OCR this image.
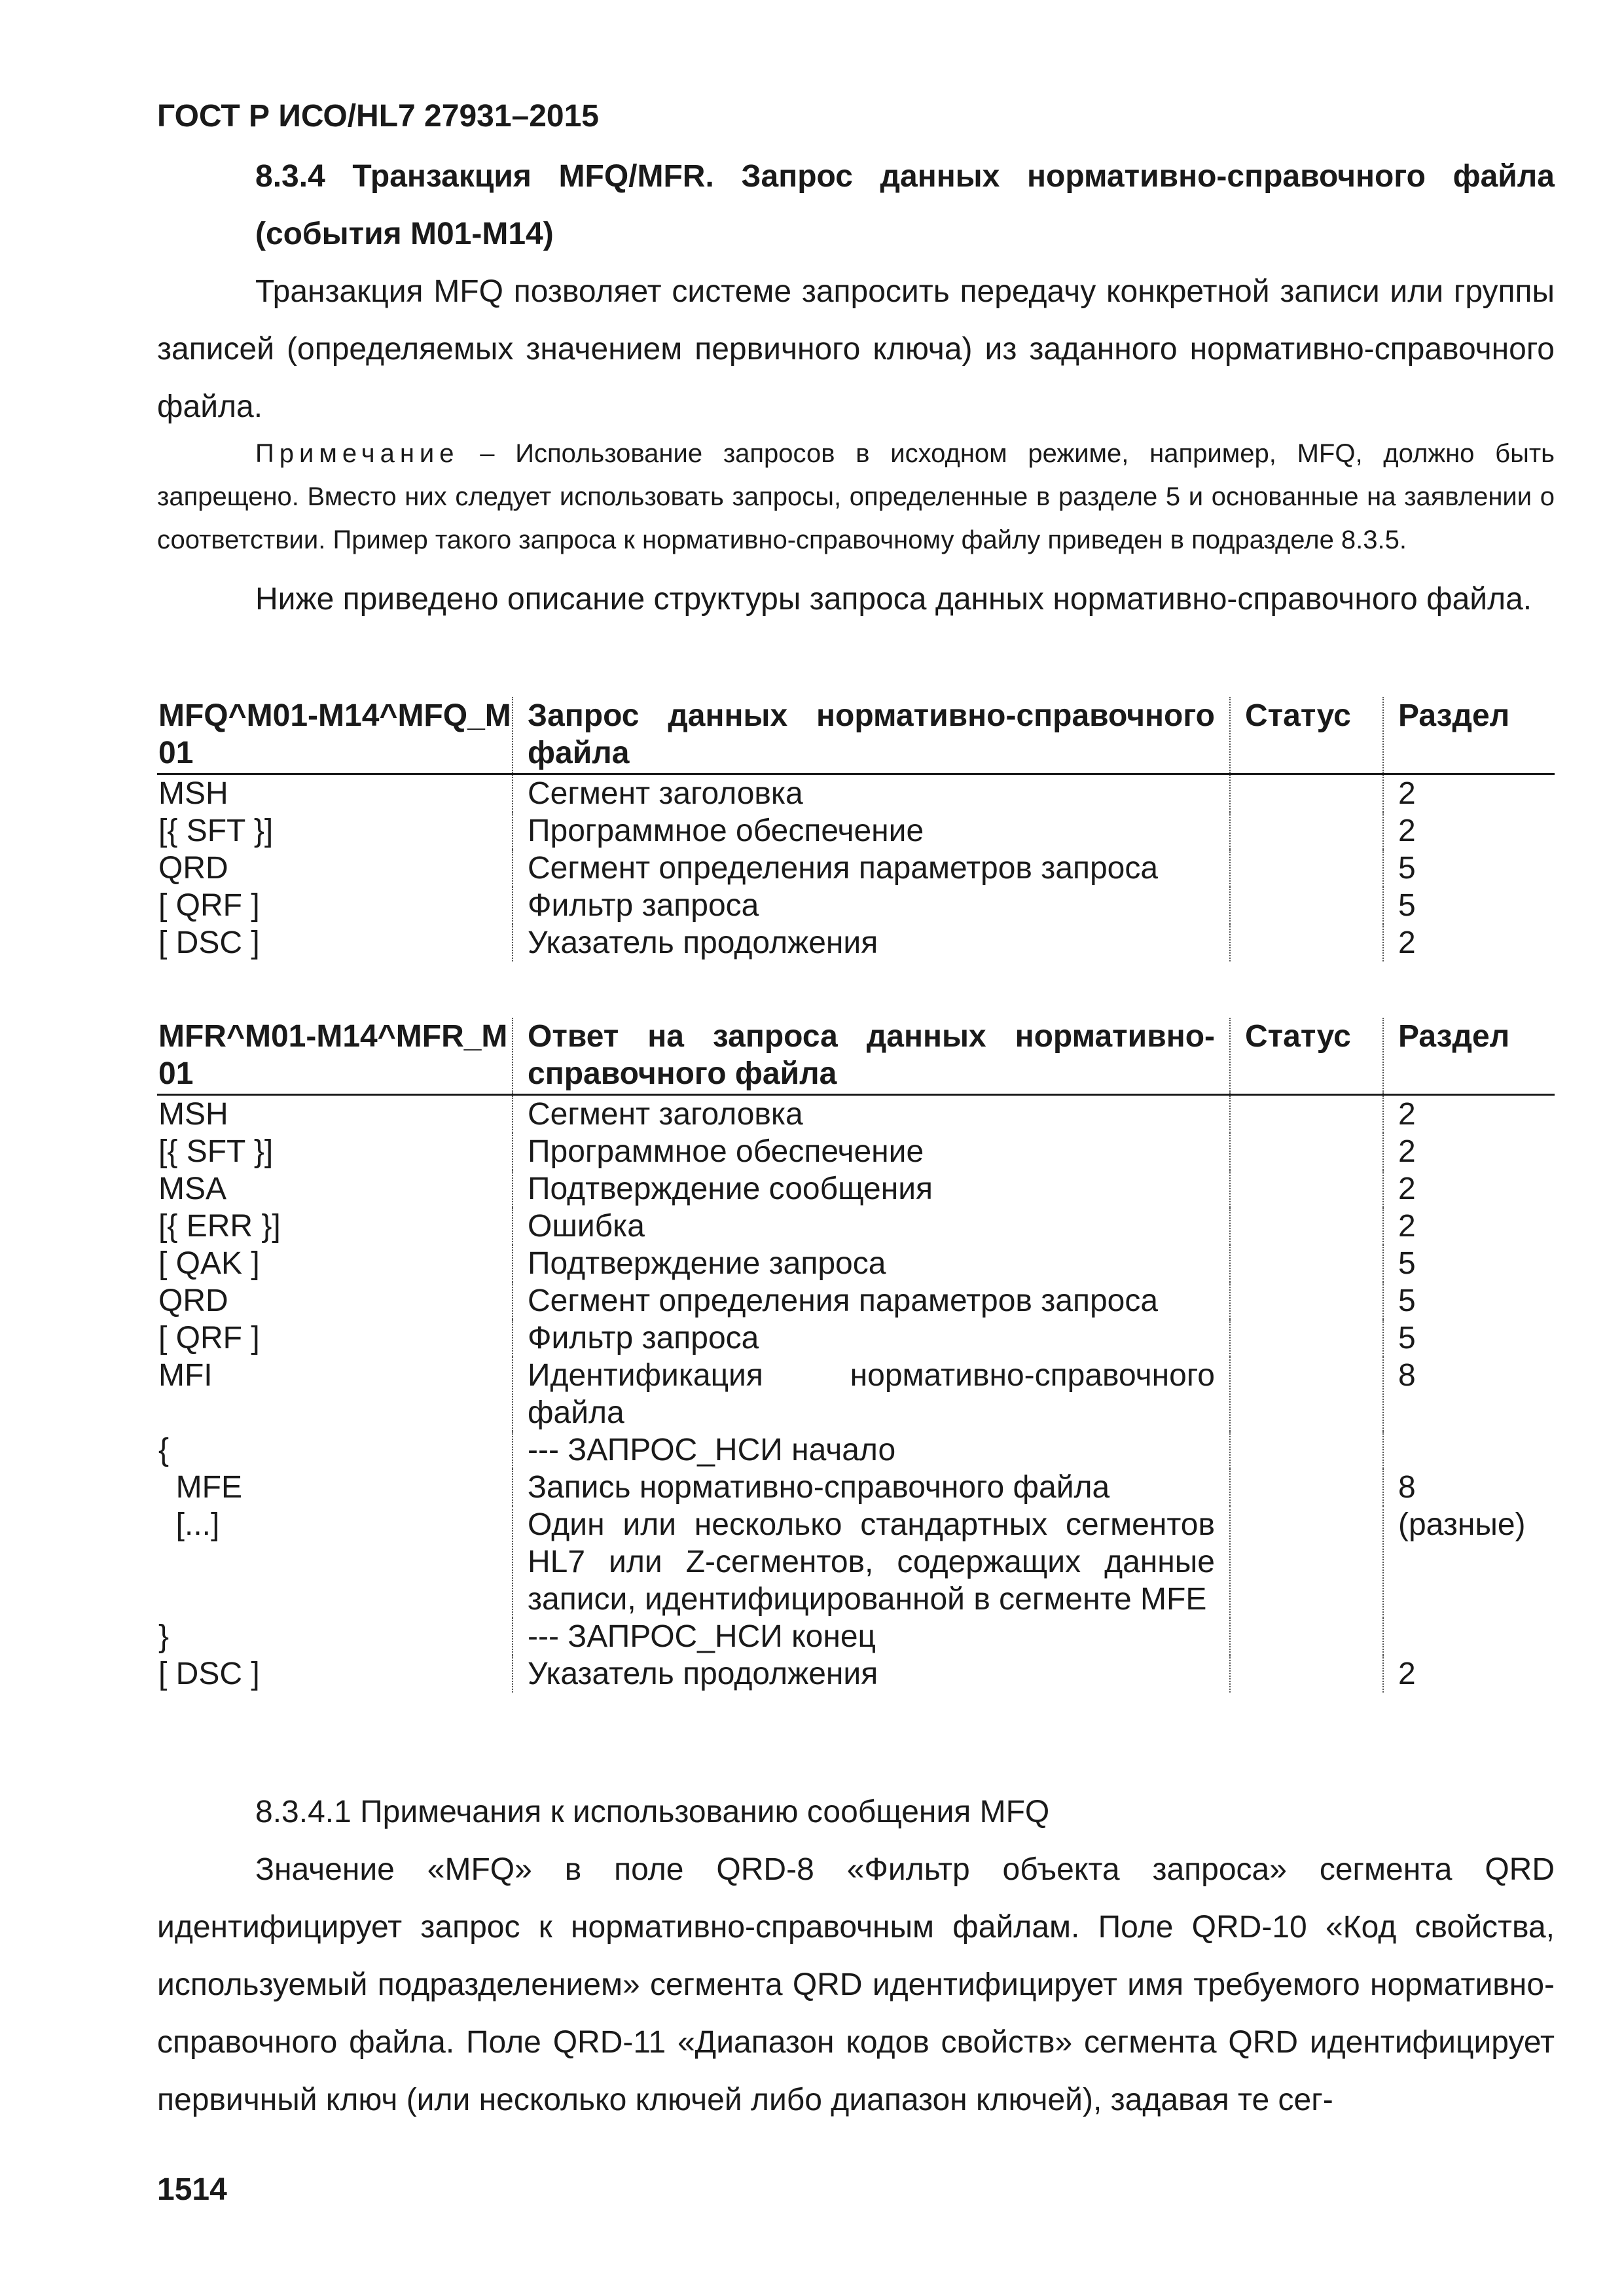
ГОСТ Р ИСО/HL7 27931–2015
8.3.4 Транзакция MFQ/MFR. Запрос данных нормативно-справочного файла (события M01-M14)

Транзакция MFQ позволяет системе запросить передачу конкретной записи или группы записей (определяемых значением первичного ключа) из заданного нормативно-справочного файла.

Примечание – Использование запросов в исходном режиме, например, MFQ, должно быть запрещено. Вместо них следует использовать запросы, определенные в разделе 5 и основанные на заявлении о соответствии. Пример такого запроса к нормативно-справочному файлу приведен в подразделе 8.3.5.

Ниже приведено описание структуры запроса данных нормативно-справочного файла.

MFQ^M01-M14^MFQ_M01	Запрос данных нормативно-справочного файла	Статус	Раздел
MSH	Сегмент заголовка		2
[{ SFT }]	Программное обеспечение		2
QRD	Сегмент определения параметров запроса		5
[ QRF ]	Фильтр запроса		5
[ DSC ]	Указатель продолжения		2
MFR^M01-M14^MFR_M01	Ответ на запроса данных нормативно-справочного файла	Статус	Раздел
MSH	Сегмент заголовка		2
[{ SFT }]	Программное обеспечение		2
MSA	Подтверждение сообщения		2
[{ ERR }]	Ошибка		2
[ QAK ]	Подтверждение запроса		5
QRD	Сегмент определения параметров запроса		5
[ QRF ]	Фильтр запроса		5
MFI	Идентификация нормативно-справочного файла		8
{	--- ЗАПРОС_НСИ начало		
MFE	Запись нормативно-справочного файла		8
[...]	Один или несколько стандартных сегментов HL7 или Z-сегментов, содержащих данные записи, идентифицированной в сегменте MFE		(разные)
}	--- ЗАПРОС_НСИ конец		
[ DSC ]	Указатель продолжения		2

8.3.4.1 Примечания к использованию сообщения MFQ

Значение «MFQ» в поле QRD-8 «Фильтр объекта запроса» сегмента QRD идентифицирует запрос к нормативно-справочным файлам. Поле QRD-10 «Код свойства, используемый подразделением» сегмента QRD идентифицирует имя требуемого нормативно-справочного файла. Поле QRD-11 «Диапазон кодов свойств» сегмента QRD идентифицирует первичный ключ (или несколько ключей либо диапазон ключей), задавая те сег-

1514
